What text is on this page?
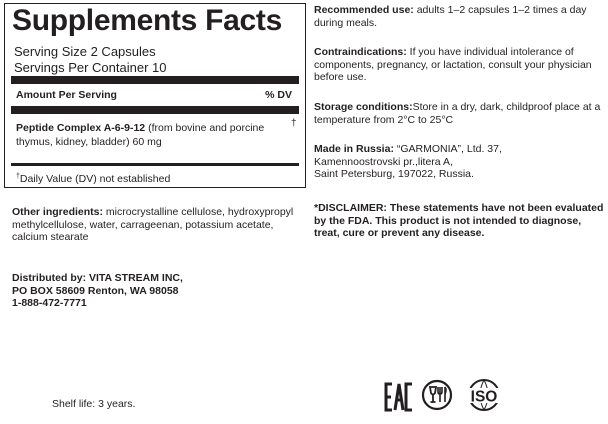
Supplements Facts
Serving Size 2 Capsules
Servings Per Container 10
Amount Per Serving	% DV
Peptide Complex A-6-9-12 (from bovine and porcine thymus, kidney, bladder) 60 mg
†
†Daily Value (DV) not established
Other ingredients: microcrystalline cellulose, hydroxypropyl methylcellulose, water, carrageenan, potassium acetate, calcium stearate
Distributed by: VITA STREAM INC,
PO BOX 58609 Renton, WA 98058
1-888-472-7771
Shelf life: 3 years.
Recommended use: adults 1–2 capsules 1–2 times a day during meals.
Contraindications: If you have individual intolerance of components, pregnancy, or lactation, consult your physician before use.
Storage conditions:Store in a dry, dark, childproof place at a temperature from 2°C to 25°C
Made in Russia: “GARMONIA”, Ltd. 37,
Kamennoostrovski pr.,litera A,
Saint Petersburg, 197022, Russia.
*DISCLAIMER: These statements have not been evaluated by the FDA. This product is not intended to diagnose, treat, cure or prevent any disease.
ISO
